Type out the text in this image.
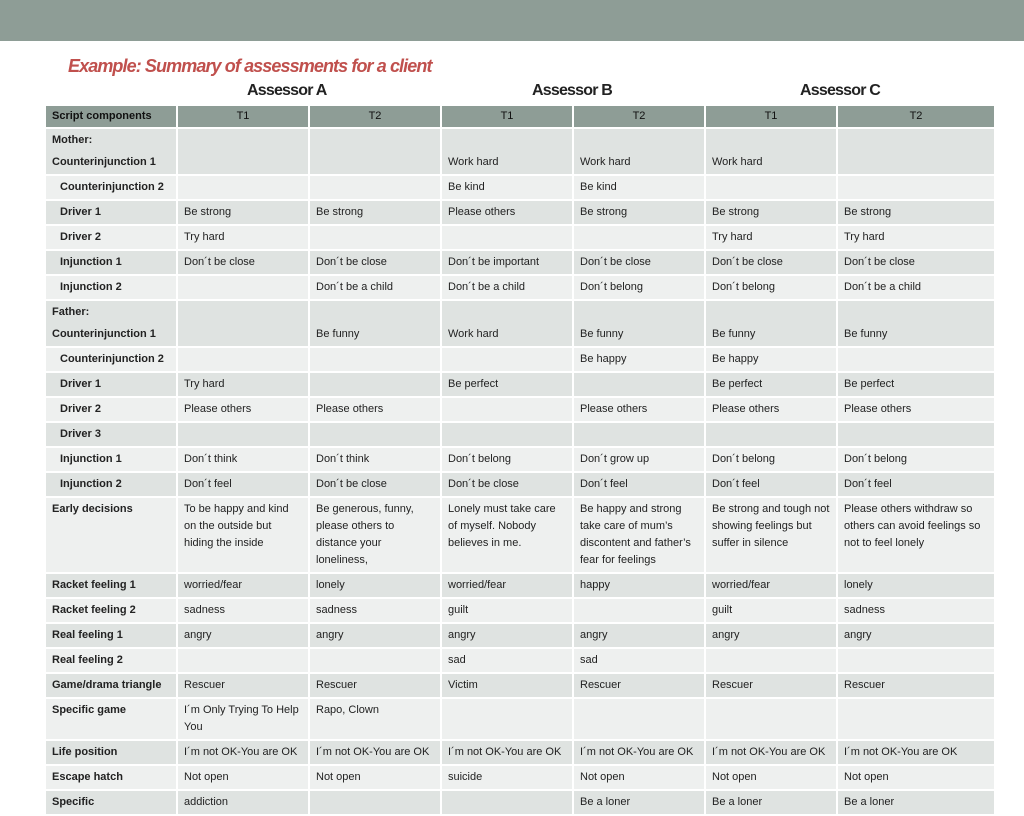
Example: Summary of assessments for a client
Assessor A	Assessor B	Assessor C
Script components	T1	T2	T1	T2	T1	T2
Mother:
Counterinjunction 1			Work hard	Work hard	Work hard	
Counterinjunction 2			Be kind	Be kind		
Driver 1	Be strong	Be strong	Please others	Be strong	Be strong	Be strong
Driver 2	Try hard				Try hard	Try hard
Injunction 1	Don´t be close	Don´t be close	Don´t be important	Don´t be close	Don´t be close	Don´t be close
Injunction 2		Don´t be a child	Don´t be a child	Don´t belong	Don´t belong	Don´t be a child
Father:
Counterinjunction 1		Be funny	Work hard	Be funny	Be funny	Be funny
Counterinjunction 2				Be happy	Be happy	
Driver 1	Try hard		Be perfect		Be perfect	Be perfect
Driver 2	Please others	Please others		Please others	Please others	Please others
Driver 3						
Injunction 1	Don´t think	Don´t think	Don´t belong	Don´t grow up	Don´t belong	Don´t belong
Injunction 2	Don´t feel	Don´t be close	Don´t be close	Don´t feel	Don´t feel	Don´t feel
Early decisions	To be happy and kind on the outside but hiding the inside	Be generous, funny, please others to distance your loneliness,	Lonely must take care of myself. Nobody believes in me.	Be happy and strong take care of mum’s discontent and father’s fear for feelings	Be strong and tough not showing feelings but suffer in silence	Please others withdraw so others can avoid feelings so not to feel lonely
Racket feeling 1	worried/fear	lonely	worried/fear	happy	worried/fear	lonely
Racket feeling 2	sadness	sadness	guilt		guilt	sadness
Real feeling 1	angry	angry	angry	angry	angry	angry
Real feeling 2			sad	sad		
Game/drama triangle	Rescuer	Rescuer	Victim	Rescuer	Rescuer	Rescuer
Specific game	I´m Only Trying To Help You	Rapo, Clown				
Life position	I´m not OK-You are OK	I´m not OK-You are OK	I´m not OK-You are OK	I´m not OK-You are OK	I´m not OK-You are OK	I´m not OK-You are OK
Escape hatch	Not open	Not open	suicide	Not open	Not open	Not open
Specific	addiction			Be a loner	Be a loner	Be a loner
